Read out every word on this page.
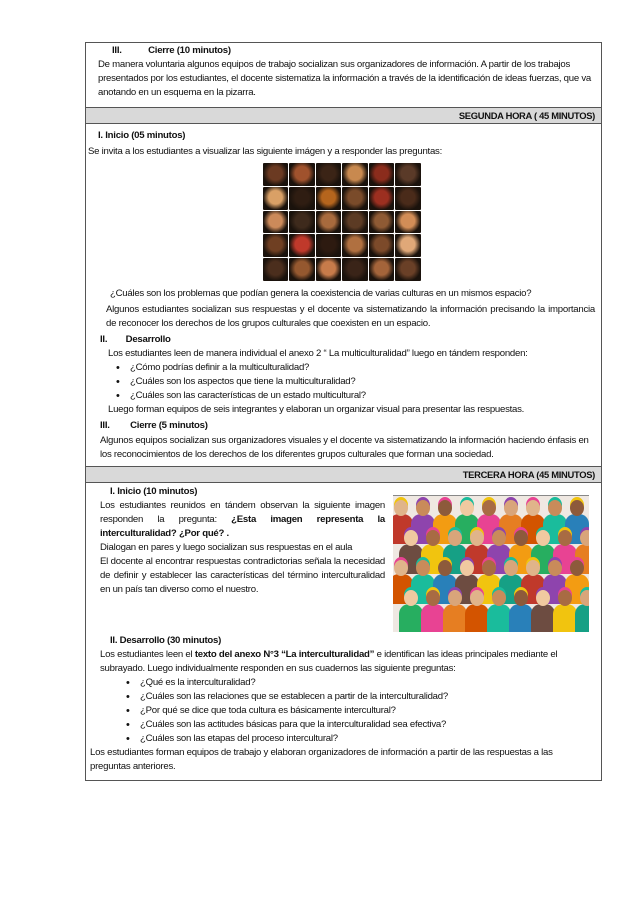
III.	Cierre (10 minutos)

De manera voluntaria algunos equipos de trabajo socializan sus organizadores de información. A partir de los trabajos presentados por los estudiantes, el docente sistematiza la información a través de la identificación de ideas fuerzas, que va anotando en un esquema en la pizarra.

SEGUNDA HORA ( 45 MINUTOS)

I. Inicio (05 minutos)

Se invita a los estudiantes a visualizar las siguiente imágen y a responder las preguntas:

¿Cuáles son los problemas que podían genera la coexistencia de varias culturas en un mismos espacio?

Algunos estudiantes socializan sus respuestas y el docente va sistematizando la información precisando la importancia de reconocer los derechos de los grupos culturales que coexisten en un espacio.

II. Desarrollo

Los estudiantes leen de manera individual el anexo 2 “ La multiculturalidad” luego en tándem responden:

• ¿Cómo podrías definir a la multiculturalidad?
• ¿Cuáles son los aspectos que tiene la multiculturalidad?
• ¿Cuáles son las características de un estado multicultural?

Luego forman equipos de seis integrantes y elaboran un organizar visual para presentar las respuestas.

III. Cierre (5 minutos)

Algunos equipos socializan sus organizadores visuales y el docente va sistematizando la información haciendo énfasis en los reconocimientos de los derechos de los diferentes grupos culturales que forman una sociedad.

TERCERA HORA (45 MINUTOS)

I. Inicio (10 minutos)

Los estudiantes reunidos en tándem observan la siguiente imagen responden la pregunta: ¿Esta imagen representa la interculturalidad? ¿Por qué? .

Dialogan en pares y luego socializan sus respuestas en el aula

El docente al encontrar respuestas contradictorias señala la necesidad de definir y establecer las características del término interculturalidad en un país tan diverso como el nuestro.

II. Desarrollo (30 minutos)

Los estudiantes leen el texto del anexo N°3 “La interculturalidad” e identifican las ideas principales mediante el subrayado. Luego individualmente responden en sus cuadernos las siguiente preguntas:

• ¿Qué es la interculturalidad?
• ¿Cuáles son las relaciones que se establecen a partir de la interculturalidad?
• ¿Por qué se dice que toda cultura es básicamente intercultural?
• ¿Cuáles son las actitudes básicas para que la interculturalidad sea efectiva?
• ¿Cuáles son las etapas del proceso intercultural?

Los estudiantes forman equipos de trabajo y elaboran organizadores de información a partir de las respuestas a las preguntas anteriores.
